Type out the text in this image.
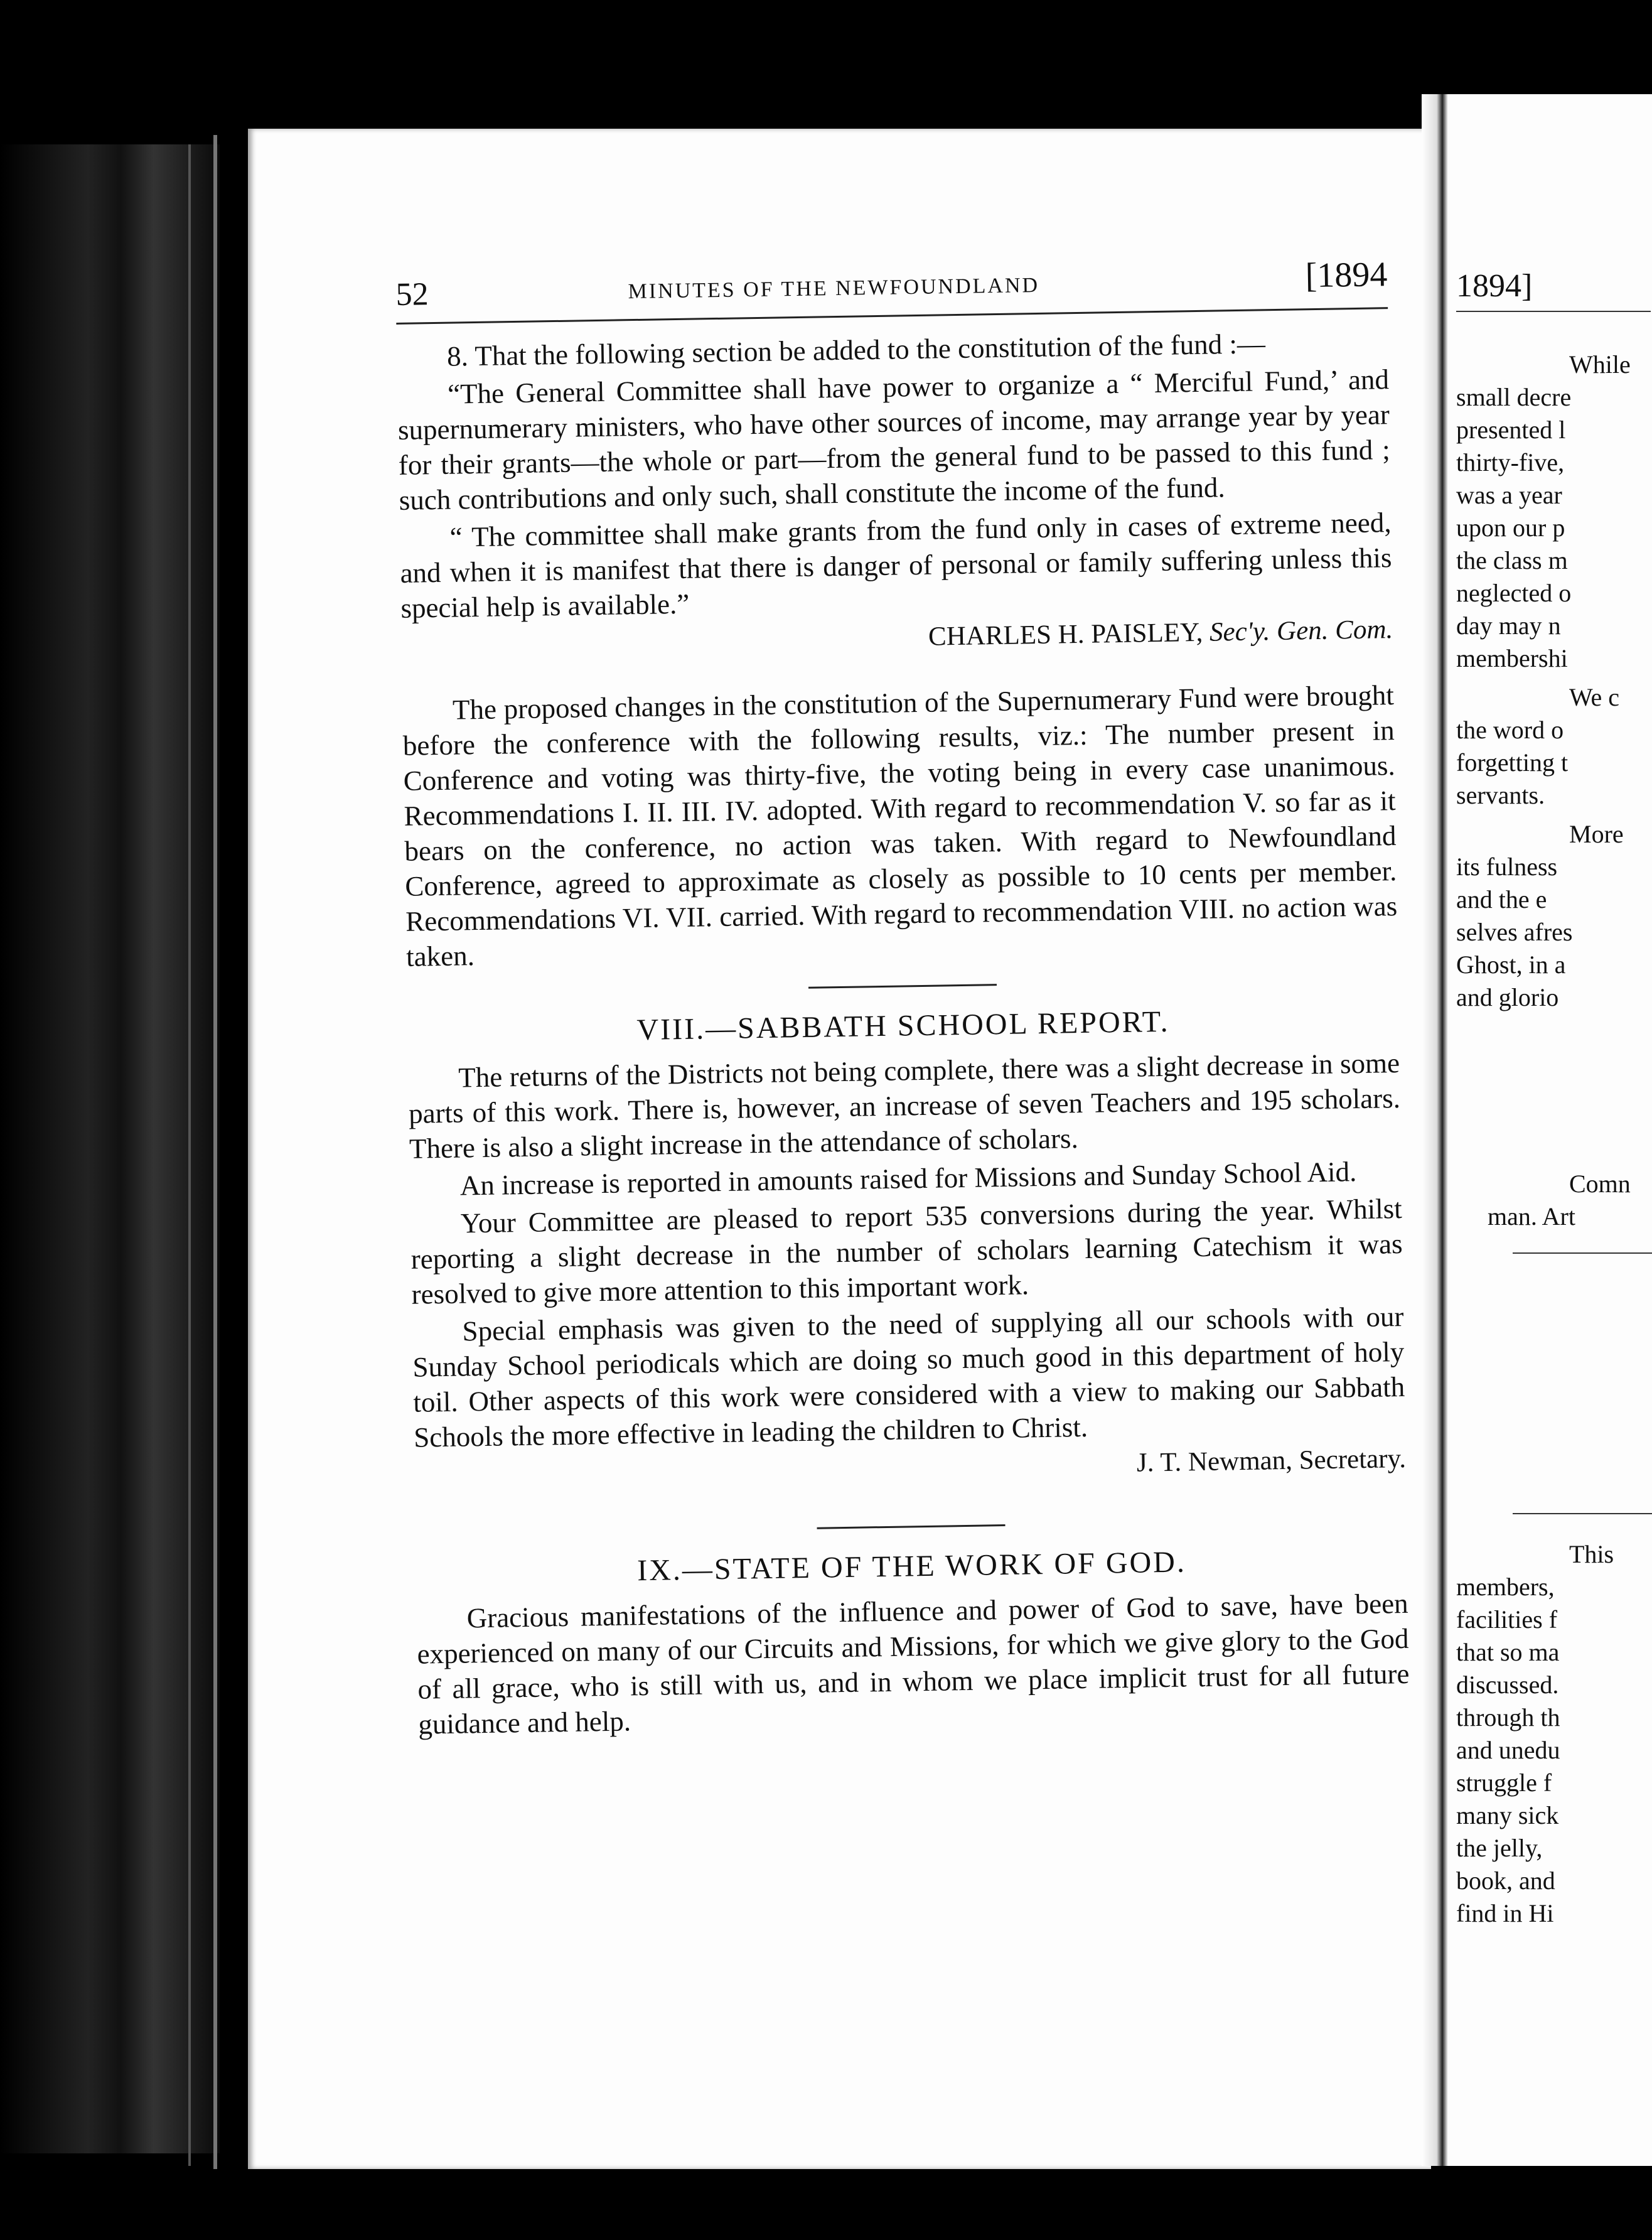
52	MINUTES OF THE NEWFOUNDLAND	[1894

8. That the following section be added to the constitution of the fund :—

“The General Committee shall have power to organize a “ Merciful Fund,’ and supernumerary ministers, who have other sources of income, may arrange year by year for their grants—the whole or part—from the general fund to be passed to this fund ; such contributions and only such, shall constitute the income of the fund.

“ The committee shall make grants from the fund only in cases of extreme need, and when it is manifest that there is danger of personal or family suffering unless this special help is available.”

CHARLES H. PAISLEY, Sec'y. Gen. Com.

The proposed changes in the constitution of the Supernumerary Fund were brought before the conference with the following results, viz.: The number present in Conference and voting was thirty-five, the voting being in every case unanimous. Recommendations I. II. III. IV. adopted. With regard to recommendation V. so far as it bears on the conference, no action was taken. With regard to Newfoundland Conference, agreed to approximate as closely as possible to 10 cents per member. Recommendations VI. VII. carried. With regard to recommendation VIII. no action was taken.

VIII.—SABBATH SCHOOL REPORT.

The returns of the Districts not being complete, there was a slight decrease in some parts of this work. There is, however, an increase of seven Teachers and 195 scholars. There is also a slight increase in the attendance of scholars.

An increase is reported in amounts raised for Missions and Sunday School Aid.

Your Committee are pleased to report 535 conversions during the year. Whilst reporting a slight decrease in the number of scholars learning Catechism it was resolved to give more attention to this important work.

Special emphasis was given to the need of supplying all our schools with our Sunday School periodicals which are doing so much good in this department of holy toil. Other aspects of this work were considered with a view to making our Sabbath Schools the more effective in leading the children to Christ.

J. T. Newman, Secretary.
IX.—STATE OF THE WORK OF GOD.

Gracious manifestations of the influence and power of God to save, have been experienced on many of our Circuits and Missions, for which we give glory to the God of all grace, who is still with us, and in whom we place implicit trust for all future guidance and help.

1894]
While
small decre
presented l
thirty-five,
was a year
upon our p
the class m
neglected o
day may n
membershi
We c
the word o
forgetting t
servants.
More
its fulness
and the e
selves afres
Ghost, in a
and glorio
Comn
man. Art
This
members,
facilities f
that so ma
discussed.
through th
and unedu
struggle f
many sick
the jelly,
book, and
find in Hi
